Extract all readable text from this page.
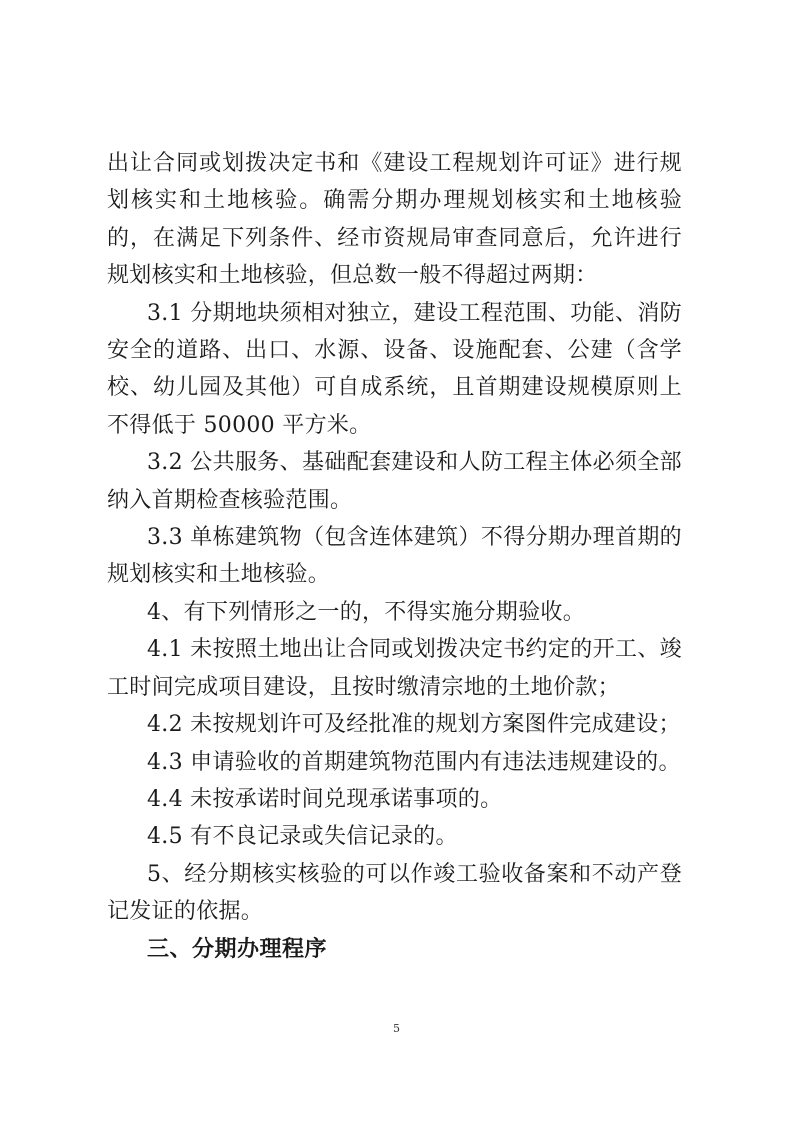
出让合同或划拨决定书和《建设工程规划许可证》进行规划核实和土地核验。确需分期办理规划核实和土地核验的，在满足下列条件、经市资规局审查同意后，允许进行规划核实和土地核验，但总数一般不得超过两期：

3.1 分期地块须相对独立，建设工程范围、功能、消防安全的道路、出口、水源、设备、设施配套、公建（含学校、幼儿园及其他）可自成系统，且首期建设规模原则上不得低于 50000 平方米。

3.2 公共服务、基础配套建设和人防工程主体必须全部纳入首期检查核验范围。

3.3 单栋建筑物（包含连体建筑）不得分期办理首期的规划核实和土地核验。

4、有下列情形之一的，不得实施分期验收。

4.1 未按照土地出让合同或划拨决定书约定的开工、竣工时间完成项目建设，且按时缴清宗地的土地价款；

4.2 未按规划许可及经批准的规划方案图件完成建设；

4.3 申请验收的首期建筑物范围内有违法违规建设的。

4.4 未按承诺时间兑现承诺事项的。

4.5 有不良记录或失信记录的。

5、经分期核实核验的可以作竣工验收备案和不动产登记发证的依据。

三、分期办理程序

5
